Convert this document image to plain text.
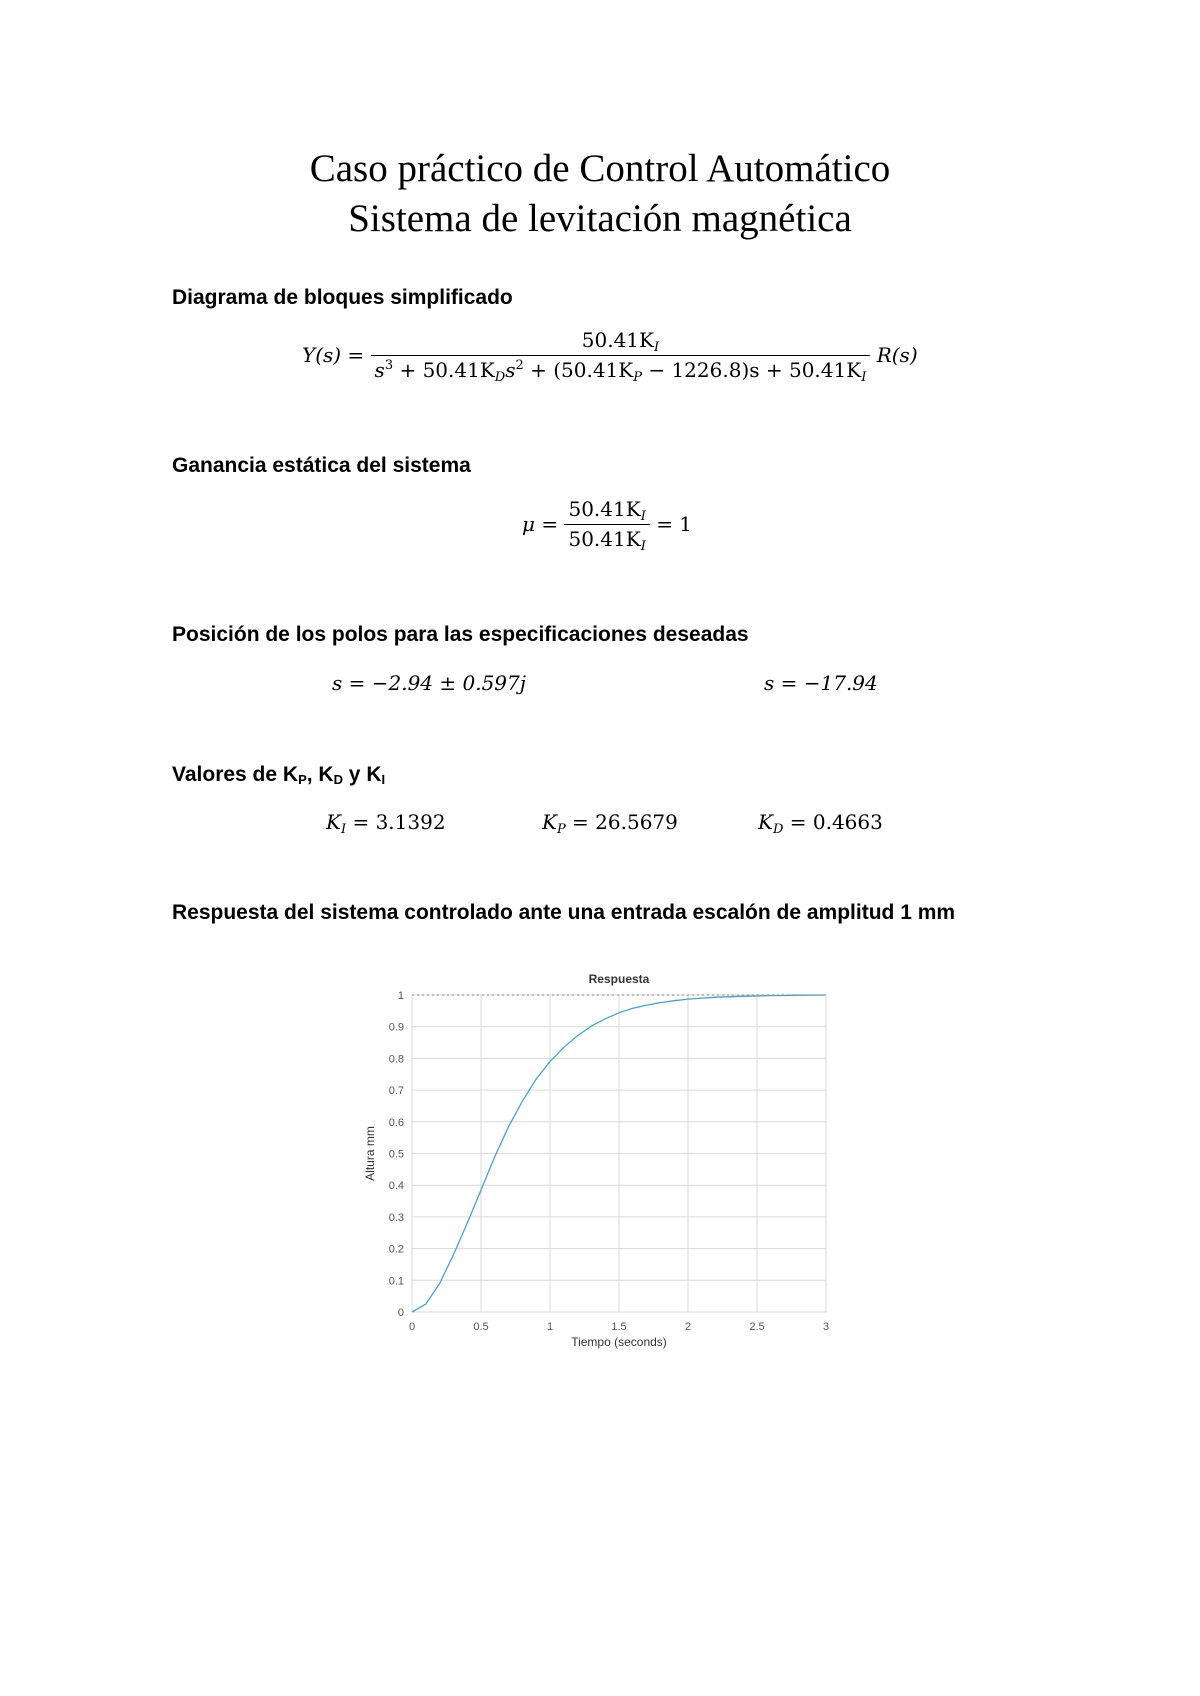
Caso práctico de Control Automático
Sistema de levitación magnética
Diagrama de bloques simplificado
$Y(s) = \frac{50.41K_I}{s^3 + 50.41K_Ds^2 + (50.41K_P - 1226.8)s + 50.41K_I} R(s)$
Ganancia estática del sistema
$\mu = \frac{50.41K_I}{50.41K_I} = 1$
Posición de los polos para las especificaciones deseadas
s = −2.94 ± 0.597j	s = −17.94
Valores de KP, KD y KI
$K_I = 3.1392$	$K_P = 26.5679$	$K_D = 0.4663$
Respuesta del sistema controlado ante una entrada escalón de amplitud 1 mm
0
0.1
0.2
0.3
0.4
0.5
0.6
0.7
0.8
0.9
1
0	0.5	1	1.5	2	2.5	3
Respuesta
Tiempo (seconds)
Altura mm
